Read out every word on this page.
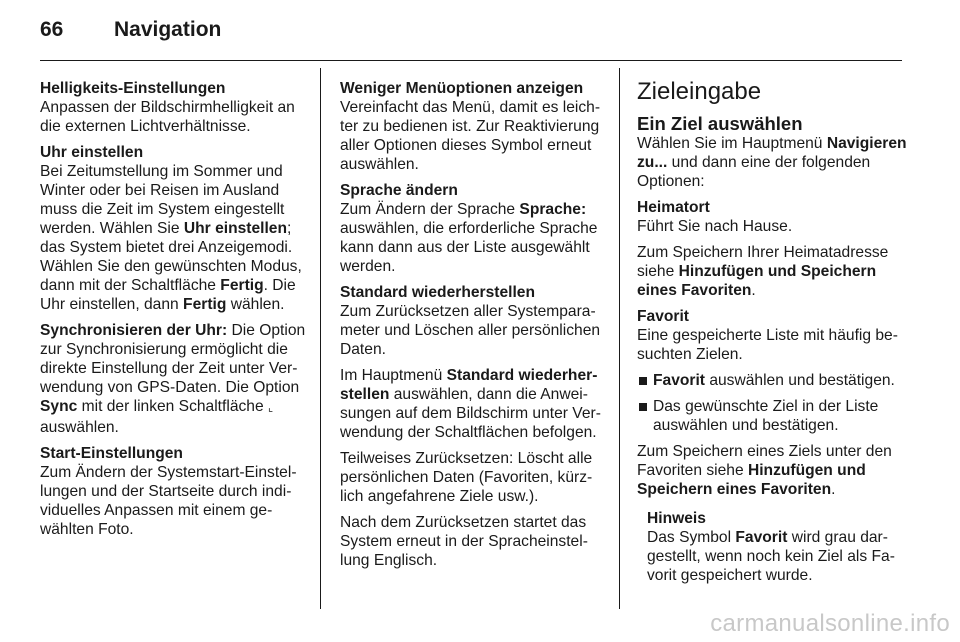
66 Navigation
Helligkeits-Einstellungen
Anpassen der Bildschirmhelligkeit an die externen Lichtverhältnisse.
Uhr einstellen
Bei Zeitumstellung im Sommer und Winter oder bei Reisen im Ausland muss die Zeit im System eingestellt werden. Wählen Sie Uhr einstellen; das System bietet drei Anzeigemodi. Wählen Sie den gewünschten Modus, dann mit der Schaltfläche Fertig. Die Uhr einstellen, dann Fertig wählen.

Synchronisieren der Uhr: Die Option zur Synchronisierung ermöglicht die direkte Einstellung der Zeit unter Verwendung von GPS-Daten. Die Option Sync mit der linken Schaltfläche ⌞ auswählen.

Start-Einstellungen
Zum Ändern der Systemstart-Einstellungen und der Startseite durch individuelles Anpassen mit einem gewählten Foto.
Weniger Menüoptionen anzeigen
Vereinfacht das Menü, damit es leichter zu bedienen ist. Zur Reaktivierung aller Optionen dieses Symbol erneut auswählen.
Sprache ändern
Zum Ändern der Sprache Sprache: auswählen, die erforderliche Sprache kann dann aus der Liste ausgewählt werden.
Standard wiederherstellen
Zum Zurücksetzen aller Systemparameter und Löschen aller persönlichen Daten.

Im Hauptmenü Standard wiederherstellen auswählen, dann die Anweisungen auf dem Bildschirm unter Verwendung der Schaltflächen befolgen.

Teilweises Zurücksetzen: Löscht alle persönlichen Daten (Favoriten, kürzlich angefahrene Ziele usw.).

Nach dem Zurücksetzen startet das System erneut in der Spracheinstellung Englisch.

Zieleingabe
Ein Ziel auswählen

Wählen Sie im Hauptmenü Navigieren zu... und dann eine der folgenden Optionen:

Heimatort
Führt Sie nach Hause.

Zum Speichern Ihrer Heimatadresse siehe Hinzufügen und Speichern eines Favoriten.

Favorit
Eine gespeicherte Liste mit häufig besuchten Zielen.
Favorit auswählen und bestätigen.
Das gewünschte Ziel in der Liste auswählen und bestätigen.

Zum Speichern eines Ziels unter den Favoriten siehe Hinzufügen und Speichern eines Favoriten.

Hinweis
Das Symbol Favorit wird grau dargestellt, wenn noch kein Ziel als Favorit gespeichert wurde.
carmanualsonline.info
